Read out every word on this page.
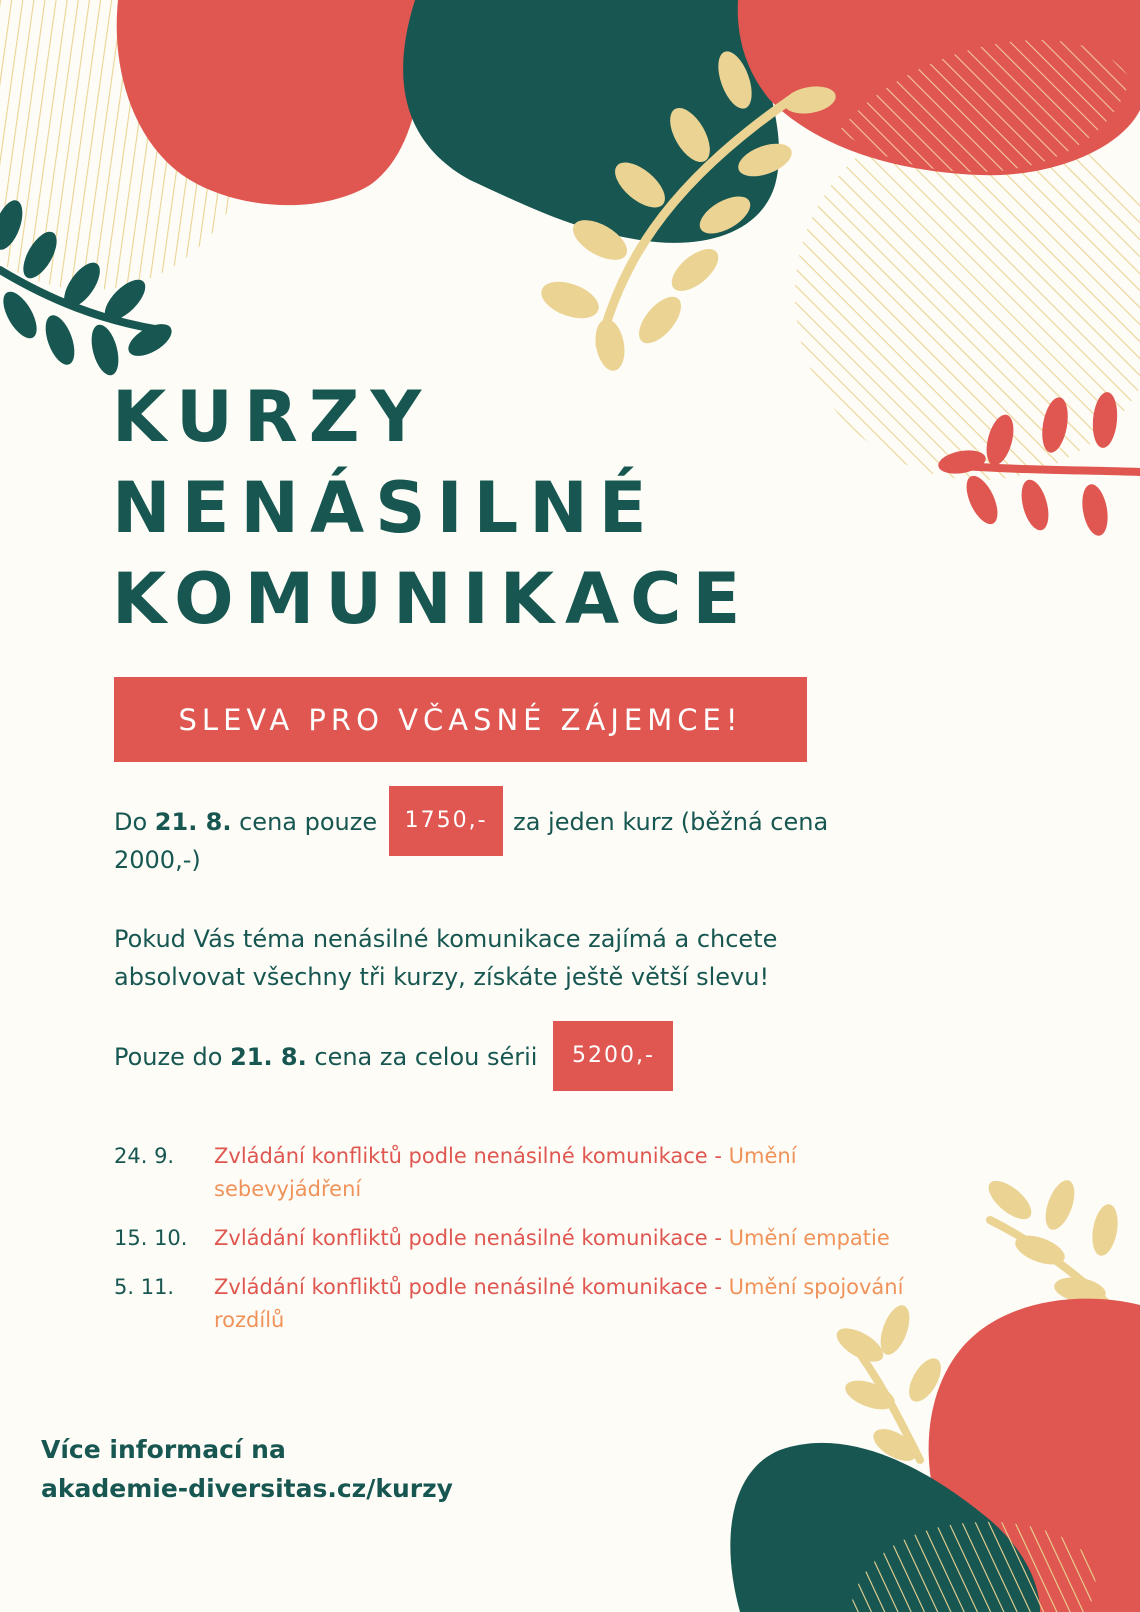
KURZY
NENÁSILNÉ
KOMUNIKACE
SLEVA PRO VČASNÉ ZÁJEMCE!

Do 21. 8. cena pouze 1750,- za jeden kurz (běžná cena 2000,-)

Pokud Vás téma nenásilné komunikace zajímá a chcete absolvovat všechny tři kurzy, získáte ještě větší slevu!

Pouze do 21. 8. cena za celou sérii 5200,-

24. 9.	Zvládání konfliktů podle nenásilné komunikace - Umění sebevyjádření
15. 10.	Zvládání konfliktů podle nenásilné komunikace - Umění empatie
5. 11.	Zvládání konfliktů podle nenásilné komunikace - Umění spojování rozdílů

Více informací na
akademie-diversitas.cz/kurzy
